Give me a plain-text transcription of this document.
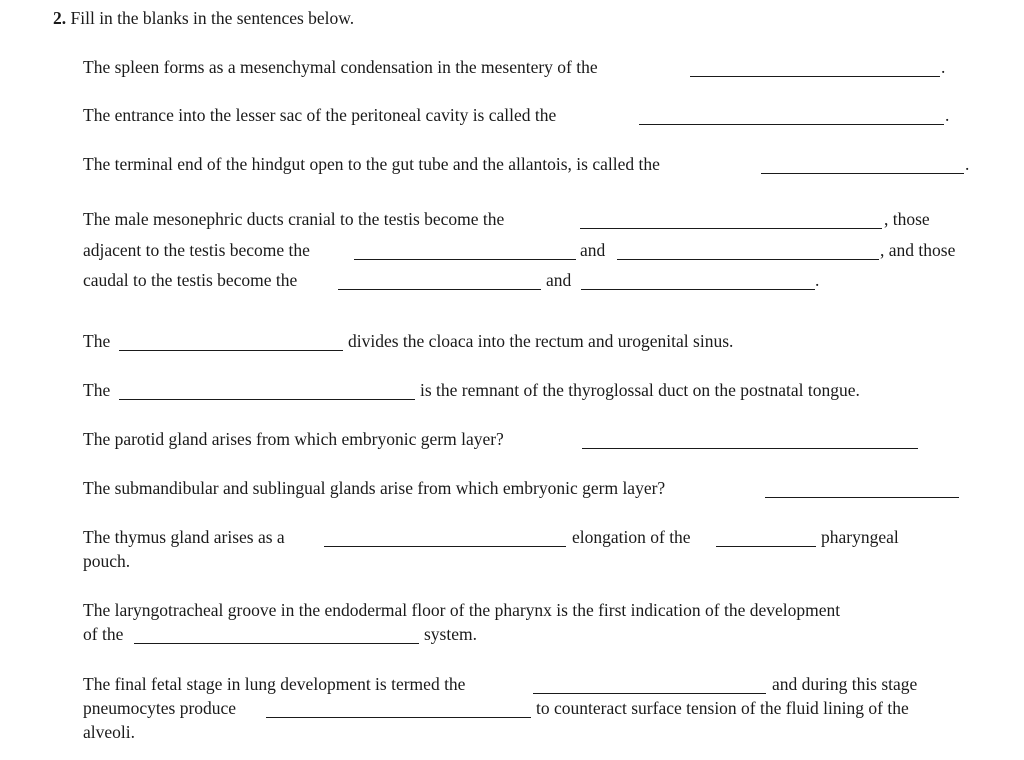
2. Fill in the blanks in the sentences below.
The spleen forms as a mesenchymal condensation in the mesentery of the	.
The entrance into the lesser sac of the peritoneal cavity is called the	.
The terminal end of the hindgut open to the gut tube and the allantois, is called the	.
The male mesonephric ducts cranial to the testis become the	, those
adjacent to the testis become the	and	, and those
caudal to the testis become the	and	.
The	divides the cloaca into the rectum and urogenital sinus.
The	is the remnant of the thyroglossal duct on the postnatal tongue.
The parotid gland arises from which embryonic germ layer?
The submandibular and sublingual glands arise from which embryonic germ layer?
The thymus gland arises as a	elongation of the	pharyngeal
pouch.
The laryngotracheal groove in the endodermal floor of the pharynx is the first indication of the development
of the	system.
The final fetal stage in lung development is termed the	and during this stage
pneumocytes produce	to counteract surface tension of the fluid lining of the
alveoli.
